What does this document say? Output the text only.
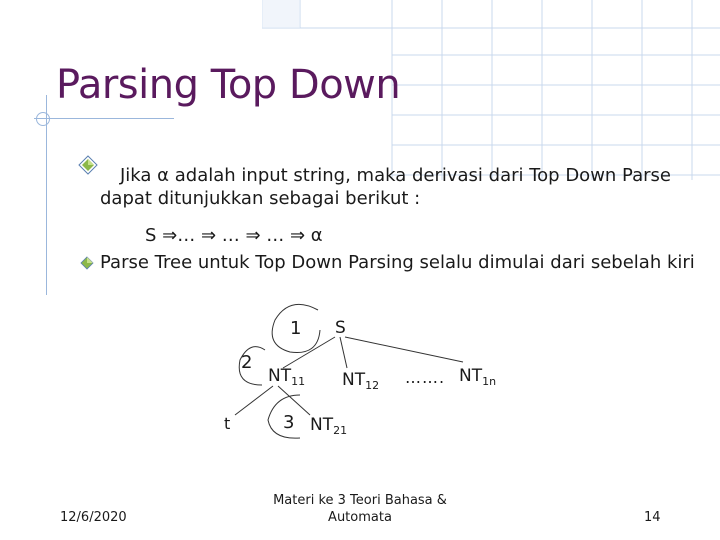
Parsing Top Down
Jika α adalah input string, maka derivasi dari Top Down Parse
dapat ditunjukkan sebagai berikut :
S ⇒… ⇒ … ⇒ … ⇒ α
Parse Tree untuk Top Down Parsing selalu dimulai dari sebelah kiri
S
1
2
3
$NT_{11}$ $NT_{12}$ ……. $NT_{1n}$
t	$NT_{21}$
12/6/2020
Materi ke 3 Teori Bahasa &
Automata	14
